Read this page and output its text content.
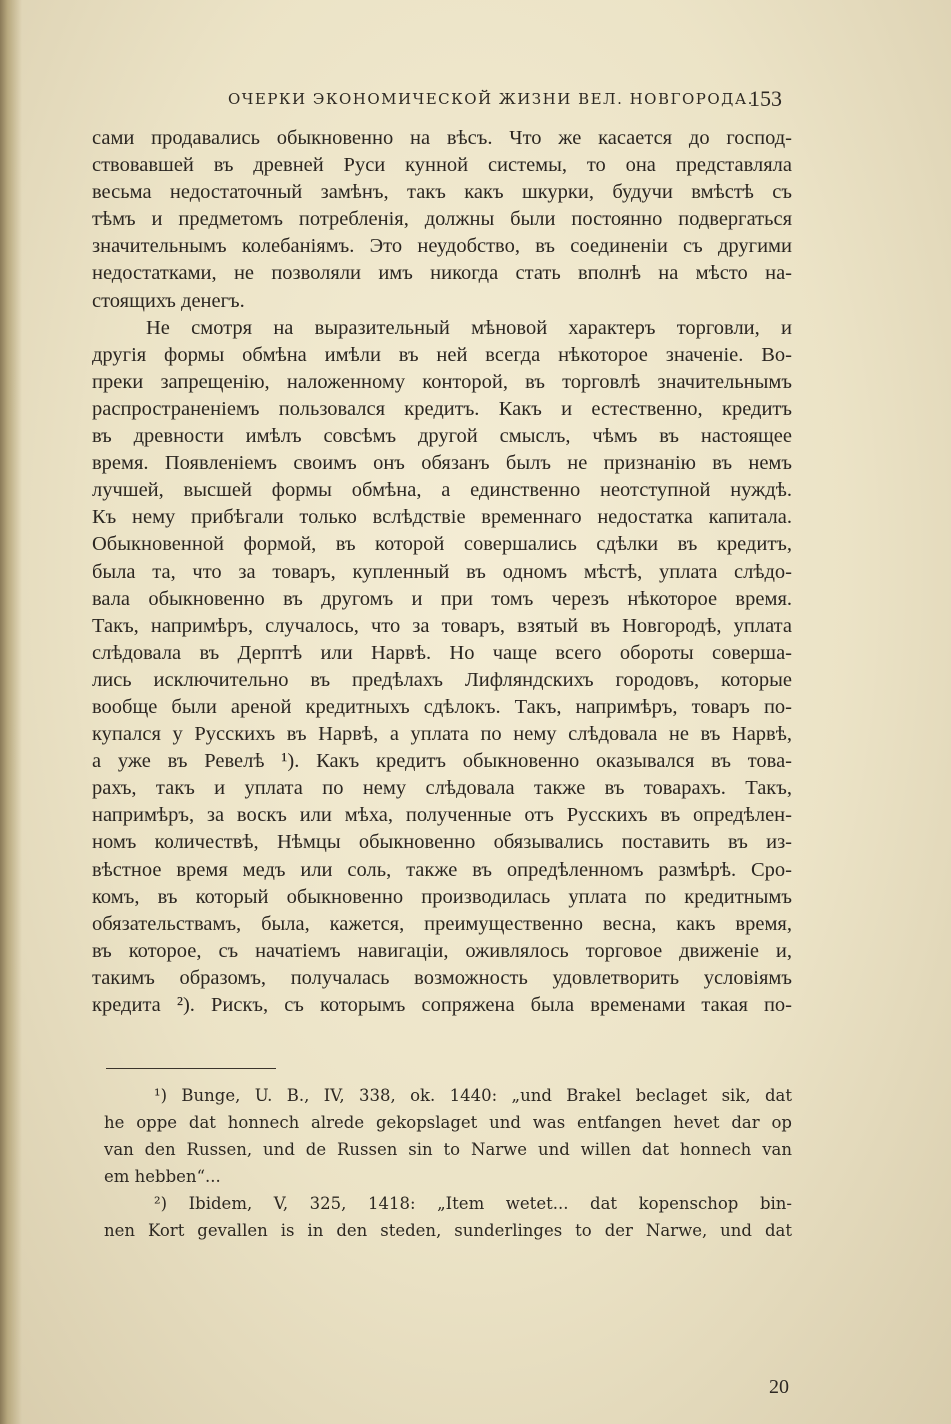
ОЧЕРКИ ЭКОНОМИЧЕСКОЙ ЖИЗНИ ВЕЛ. НОВГОРОДА.
153
сами продавались обыкновенно на вѣсъ. Что же касается до господ-
ствовавшей въ древней Руси кунной системы, то она представляла
весьма недостаточный замѣнъ, такъ какъ шкурки, будучи вмѣстѣ съ
тѣмъ и предметомъ потребленія, должны были постоянно подвергаться
значительнымъ колебаніямъ. Это неудобство, въ соединеніи съ другими
недостатками, не позволяли имъ никогда стать вполнѣ на мѣсто на-
стоящихъ денегъ.
Не смотря на выразительный мѣновой характеръ торговли, и
другія формы обмѣна имѣли въ ней всегда нѣкоторое значеніе. Во-
преки запрещенію, наложенному конторой, въ торговлѣ значительнымъ
распространеніемъ пользовался кредитъ. Какъ и естественно, кредитъ
въ древности имѣлъ совсѣмъ другой смыслъ, чѣмъ въ настоящее
время. Появленіемъ своимъ онъ обязанъ былъ не признанію въ немъ
лучшей, высшей формы обмѣна, а единственно неотступной нуждѣ.
Къ нему прибѣгали только вслѣдствіе временнаго недостатка капитала.
Обыкновенной формой, въ которой совершались сдѣлки въ кредитъ,
была та, что за товаръ, купленный въ одномъ мѣстѣ, уплата слѣдо-
вала обыкновенно въ другомъ и при томъ черезъ нѣкоторое время.
Такъ, напримѣръ, случалось, что за товаръ, взятый въ Новгородѣ, уплата
слѣдовала въ Дерптѣ или Нарвѣ. Но чаще всего обороты соверша-
лись исключительно въ предѣлахъ Лифляндскихъ городовъ, которые
вообще были ареной кредитныхъ сдѣлокъ. Такъ, напримѣръ, товаръ по-
купался у Русскихъ въ Нарвѣ, а уплата по нему слѣдовала не въ Нарвѣ,
а уже въ Ревелѣ ¹). Какъ кредитъ обыкновенно оказывался въ това-
рахъ, такъ и уплата по нему слѣдовала также въ товарахъ. Такъ,
напримѣръ, за воскъ или мѣха, полученные отъ Русскихъ въ опредѣлен-
номъ количествѣ, Нѣмцы обыкновенно обязывались поставить въ из-
вѣстное время медъ или соль, также въ опредѣленномъ размѣрѣ. Сро-
комъ, въ который обыкновенно производилась уплата по кредитнымъ
обязательствамъ, была, кажется, преимущественно весна, какъ время,
въ которое, съ начатіемъ навигаціи, оживлялось торговое движеніе и,
такимъ образомъ, получалась возможность удовлетворить условіямъ
кредита ²). Рискъ, съ которымъ сопряжена была временами такая по-
¹) Bunge, U. B., IV, 338, ok. 1440: „und Brakel beclaget sik, dat
he oppe dat honnech alrede gekopslaget und was entfangen hevet dar op
van den Russen, und de Russen sin to Narwe und willen dat honnech van
em hebben“...
²) Ibidem, V, 325, 1418: „Item wetet... dat kopenschop bin-
nen Kort gevallen is in den steden, sunderlinges to der Narwe, und dat
20
